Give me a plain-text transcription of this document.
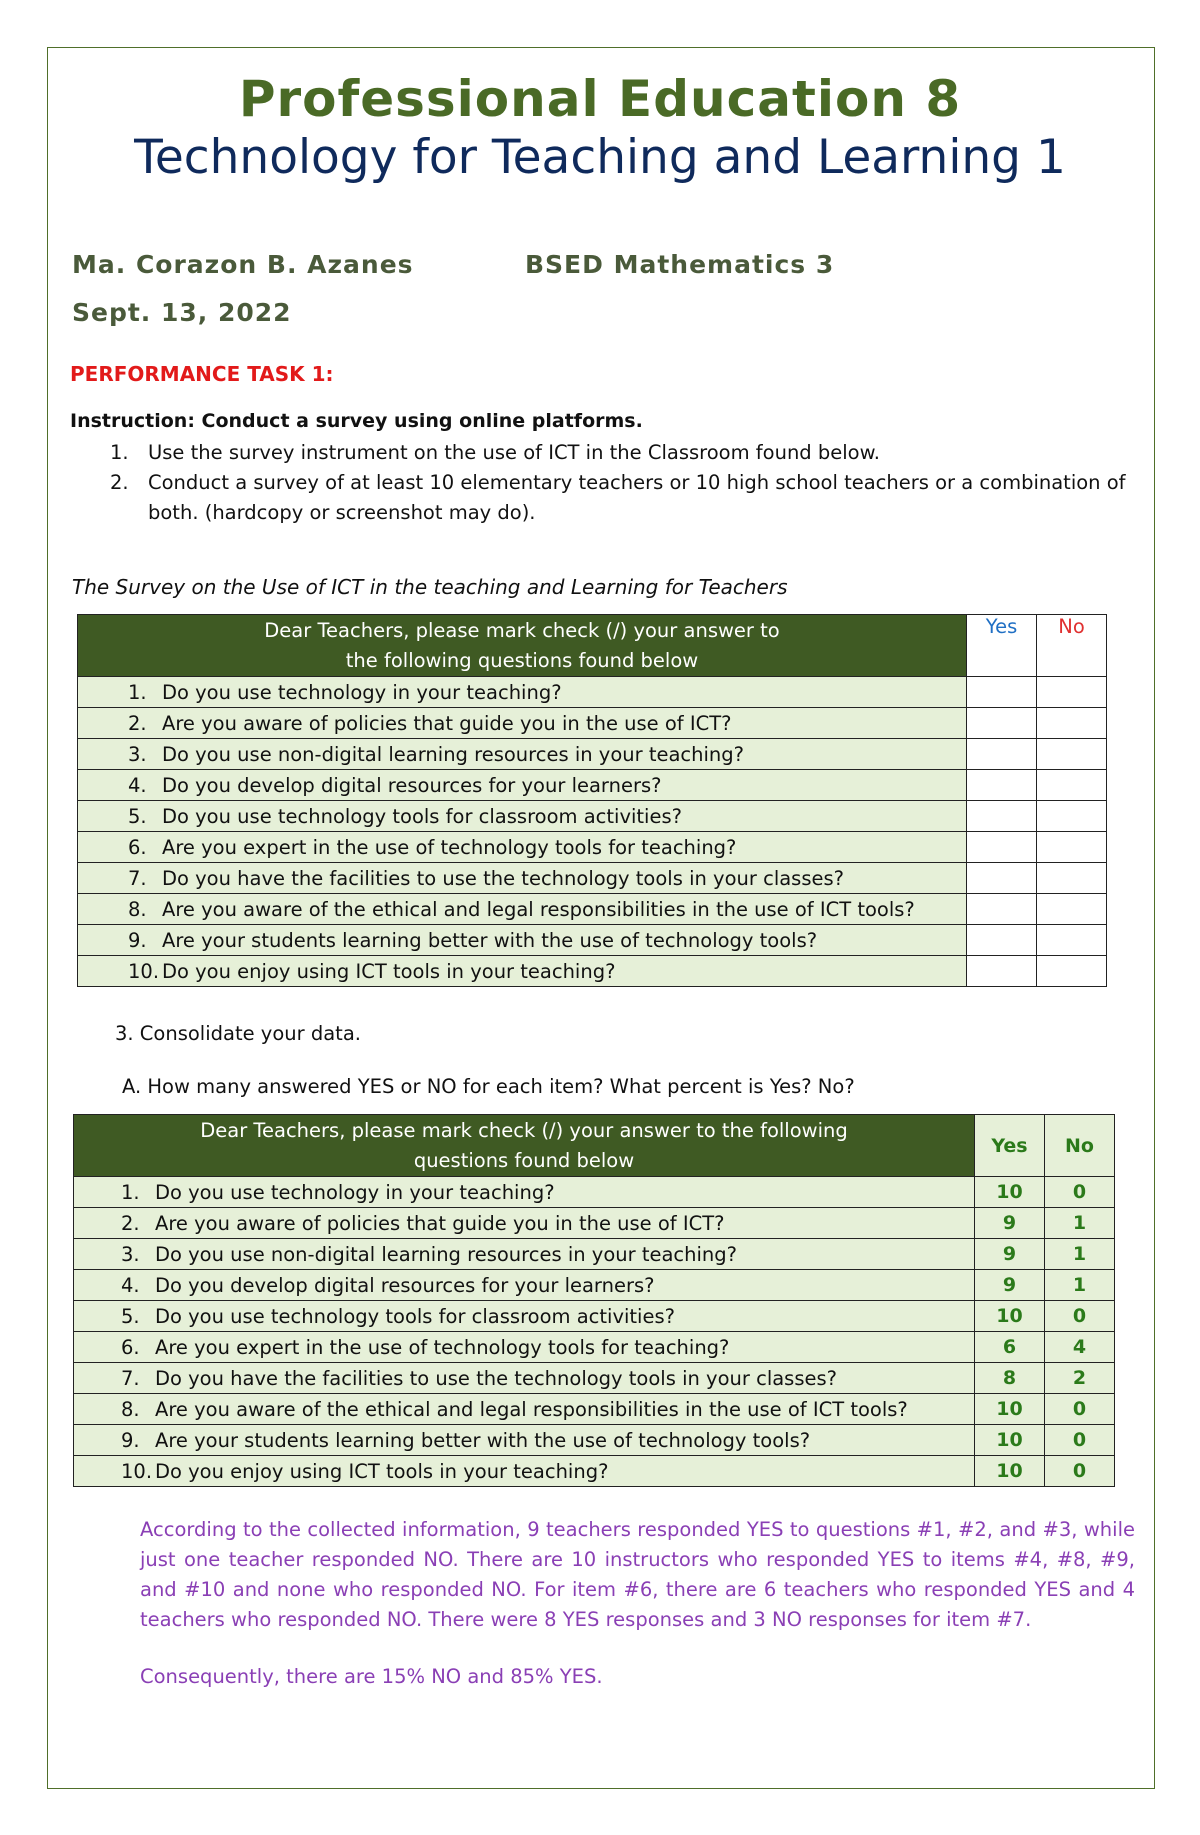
Professional Education 8
Technology for Teaching and Learning 1
Ma. Corazon B. Azanes	BSED Mathematics 3
Sept. 13, 2022
PERFORMANCE TASK 1:
Instruction: Conduct a survey using online platforms.
1. Use the survey instrument on the use of ICT in the Classroom found below.
2. Conduct a survey of at least 10 elementary teachers or 10 high school teachers or a combination of both. (hardcopy or screenshot may do).
The Survey on the Use of ICT in the teaching and Learning for Teachers
Dear Teachers, please mark check (/) your answer to
the following questions found below	Yes	No
1. Do you use technology in your teaching?		
2. Are you aware of policies that guide you in the use of ICT?		
3. Do you use non-digital learning resources in your teaching?		
4. Do you develop digital resources for your learners?		
5. Do you use technology tools for classroom activities?		
6. Are you expert in the use of technology tools for teaching?		
7. Do you have the facilities to use the technology tools in your classes?		
8. Are you aware of the ethical and legal responsibilities in the use of ICT tools?		
9. Are your students learning better with the use of technology tools?		
10. Do you enjoy using ICT tools in your teaching?		
3. Consolidate your data.
A. How many answered YES or NO for each item? What percent is Yes? No?
Dear Teachers, please mark check (/) your answer to the following
questions found below	Yes	No
1. Do you use technology in your teaching?	10	0
2. Are you aware of policies that guide you in the use of ICT?	9	1
3. Do you use non-digital learning resources in your teaching?	9	1
4. Do you develop digital resources for your learners?	9	1
5. Do you use technology tools for classroom activities?	10	0
6. Are you expert in the use of technology tools for teaching?	6	4
7. Do you have the facilities to use the technology tools in your classes?	8	2
8. Are you aware of the ethical and legal responsibilities in the use of ICT tools?	10	0
9. Are your students learning better with the use of technology tools?	10	0
10. Do you enjoy using ICT tools in your teaching?	10	0
According to the collected information, 9 teachers responded YES to questions #1, #2, and #3, while just one teacher responded NO. There are 10 instructors who responded YES to items #4, #8, #9, and #10 and none who responded NO. For item #6, there are 6 teachers who responded YES and 4 teachers who responded NO. There were 8 YES responses and 3 NO responses for item #7.
Consequently, there are 15% NO and 85% YES.
